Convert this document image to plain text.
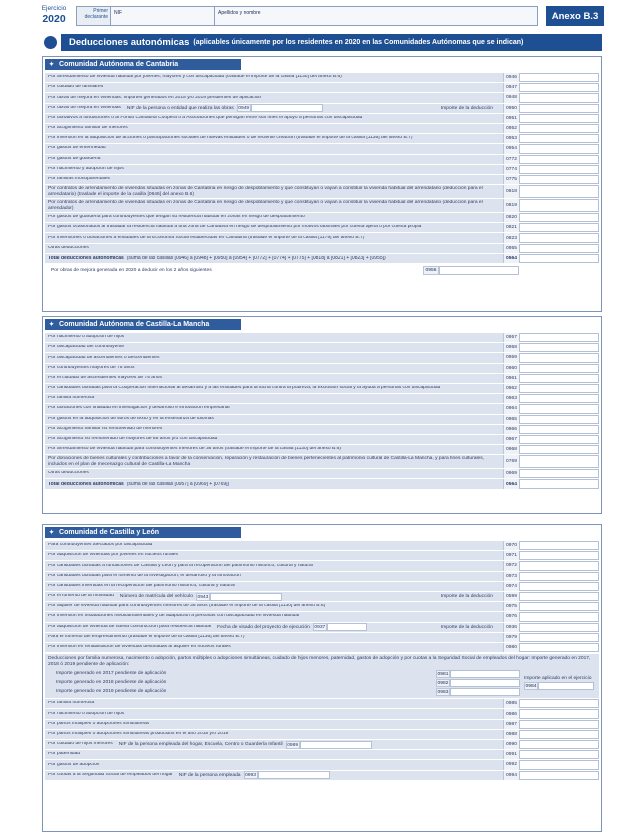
Ejercicio
2020
Primer declarante
NIF	Apellidos y nombre	Anexo B.3
Deducciones autonómicas (aplicables únicamente por los residentes en 2020 en las Comunidades Autónomas que se indican)
✦ Comunidad Autónoma de Cantabria
Por arrendamiento de vivienda habitual por jóvenes, mayores y con discapacidad (traslade el importe de la casilla [1130] del anexo B.6)	0946
Por cuidado de familiares	0947
Por obras de mejora en viviendas: importes generados en 2018 y/o 2019 pendientes de aplicación	0948
Por obras de mejora en viviendas NIF de la persona o entidad que realiza las obras 0949	Importe de la deducción	0950
Por donativos a fundaciones o al Fondo Cantabria Coopera o a Asociaciones que persigan entre sus fines el apoyo a personas con discapacidad	0951
Por acogimiento familiar de menores	0952
Por inversión en la adquisición de acciones o participaciones sociales de nuevas entidades o de reciente creación (traslade el importe de la casilla [1136] del anexo B.7)	0953
Por gastos de enfermedad	0954
Por gastos de guardería	0772
Por nacimiento y adopción de hijos	0774
Por familias monoparentales	0775
Por contratos de arrendamiento de viviendas situadas en zonas de Cantabria en riesgo de despoblamiento y que constituyan o vayan a constituir la vivienda habitual del arrendatario (deducción para el arrendatario) (traslade el importe de la casilla [0646] del anexo B.6)	0818
Por contratos de arrendamiento de viviendas situadas en zonas de Cantabria en riesgo de despoblamiento y que constituyan o vayan a constituir la vivienda habitual del arrendatario (deducción para el arrendador)	0819
Por gastos de guardería para contribuyentes que tengan su residencia habitual en zonas en riesgo de despoblamiento	0820
Por gastos ocasionados al trasladar la residencia habitual a una zona de Cantabria en riesgo de despoblamiento por motivos laborales por cuenta ajena o por cuenta propia	0821
Por inversiones o donaciones a entidades de la Economía Social establecidas en Cantabria (traslade el importe de la casilla [1179] del anexo B.7)	0823
Otras deducciones	0955
Total deducciones autonómicas (suma de las casillas [0946] a [0948] + [0950] a [0954] + [0772] + [0774] + [0775] + [0818] a [0821] + [0823] + [0955])	0564
Por obras de mejora generada en 2020 a deducir en los 2 años siguientes	0956
✦ Comunidad Autónoma de Castilla-La Mancha
Por nacimiento o adopción de hijos	0957
Por discapacidad del contribuyente	0958
Por discapacidad de ascendientes o descendientes	0959
Por contribuyentes mayores de 75 años	0960
Por el cuidado de ascendientes mayores de 75 años	0961
Por cantidades donadas para la Cooperación internacional al desarrollo y a las entidades para la lucha contra la pobreza, la exclusión social y la ayuda a personas con discapacidad	0962
Por familia numerosa	0963
Por donaciones con finalidad en investigación y desarrollo e innovación empresarial	0964
Por gastos en la adquisición de libros de texto y en la enseñanza de idiomas	0965
Por acogimiento familiar no remunerado de menores	0966
Por acogimiento no remunerado de mayores de 65 años y/o con discapacidad	0967
Por arrendamiento de vivienda habitual para contribuyentes menores de 36 años (traslade el importe de la casilla [1130] del anexo B.6)	0968
Por donaciones de bienes culturales y contribuciones a favor de la conservación, reparación y restauración de bienes pertenecientes al patrimonio cultural de Castilla-La Mancha, y para fines culturales, incluidos en el plan de mecenazgo cultural de Castilla-La Mancha	0769
Otras deducciones	0969
Total deducciones autonómicas (suma de las casillas [0957] a [0969] + [0769])	0564
✦ Comunidad de Castilla y León
Para contribuyentes afectados por discapacidad	0970
Por adquisición de viviendas por jóvenes en núcleos rurales	0971
Por cantidades donadas a fundaciones de Castilla y León y para la recuperación del patrimonio histórico, cultural y natural	0972
Por cantidades donadas para el fomento de la investigación, el desarrollo y la innovación	0973
Por cantidades invertidas en la recuperación del patrimonio histórico, cultural y natural	0974
Por el fomento de la movilidad Número de matrícula del vehículo 0943	Importe de la deducción	0599
Por alquiler de vivienda habitual para contribuyentes menores de 36 años (traslade el importe de la casilla [1130] del anexo B.6)	0975
Por inversión en instalaciones medioambientales y de adaptación a personas con discapacidad en vivienda habitual	0976
Por adquisición de vivienda de nueva construcción para residencia habitual Fecha de visado del proyecto de ejecución 0937	Importe de la deducción	0936
Para el fomento del emprendimiento (traslade el importe de la casilla [1136] del anexo B.7)	0979
Por inversión en rehabilitación de viviendas destinadas al alquiler en núcleos rurales	0980
Deducciones por familia numerosa, nacimiento o adopción, partos múltiples o adopciones simultáneas, cuidado de hijos menores, paternidad, gastos de adopción y por cuotas a la Seguridad Social de empleados del hogar: Importe generado en 2017, 2018 ó 2019 pendiente de aplicación:
Importe generado en 2017 pendiente de aplicación	0981
Importe generado en 2018 pendiente de aplicación	0982
Importe generado en 2019 pendiente de aplicación	0983
Importe aplicado en el ejercicio
0984
Por familia numerosa	0985
Por nacimiento o adopción de hijos	0986
Por partos múltiples o adopciones simultáneas	0987
Por partos múltiples o adopciones simultáneas producidos en el año 2018 y/o 2019	0988
Por cuidado de hijos menores NIF de la persona empleada del hogar, Escuela, Centro o Guardería Infantil 0989	0990
Por paternidad	0991
Por gastos de adopción	0992
Por cuotas a la Seguridad Social de empleados del hogar NIF de la persona empleada 0993	0994
